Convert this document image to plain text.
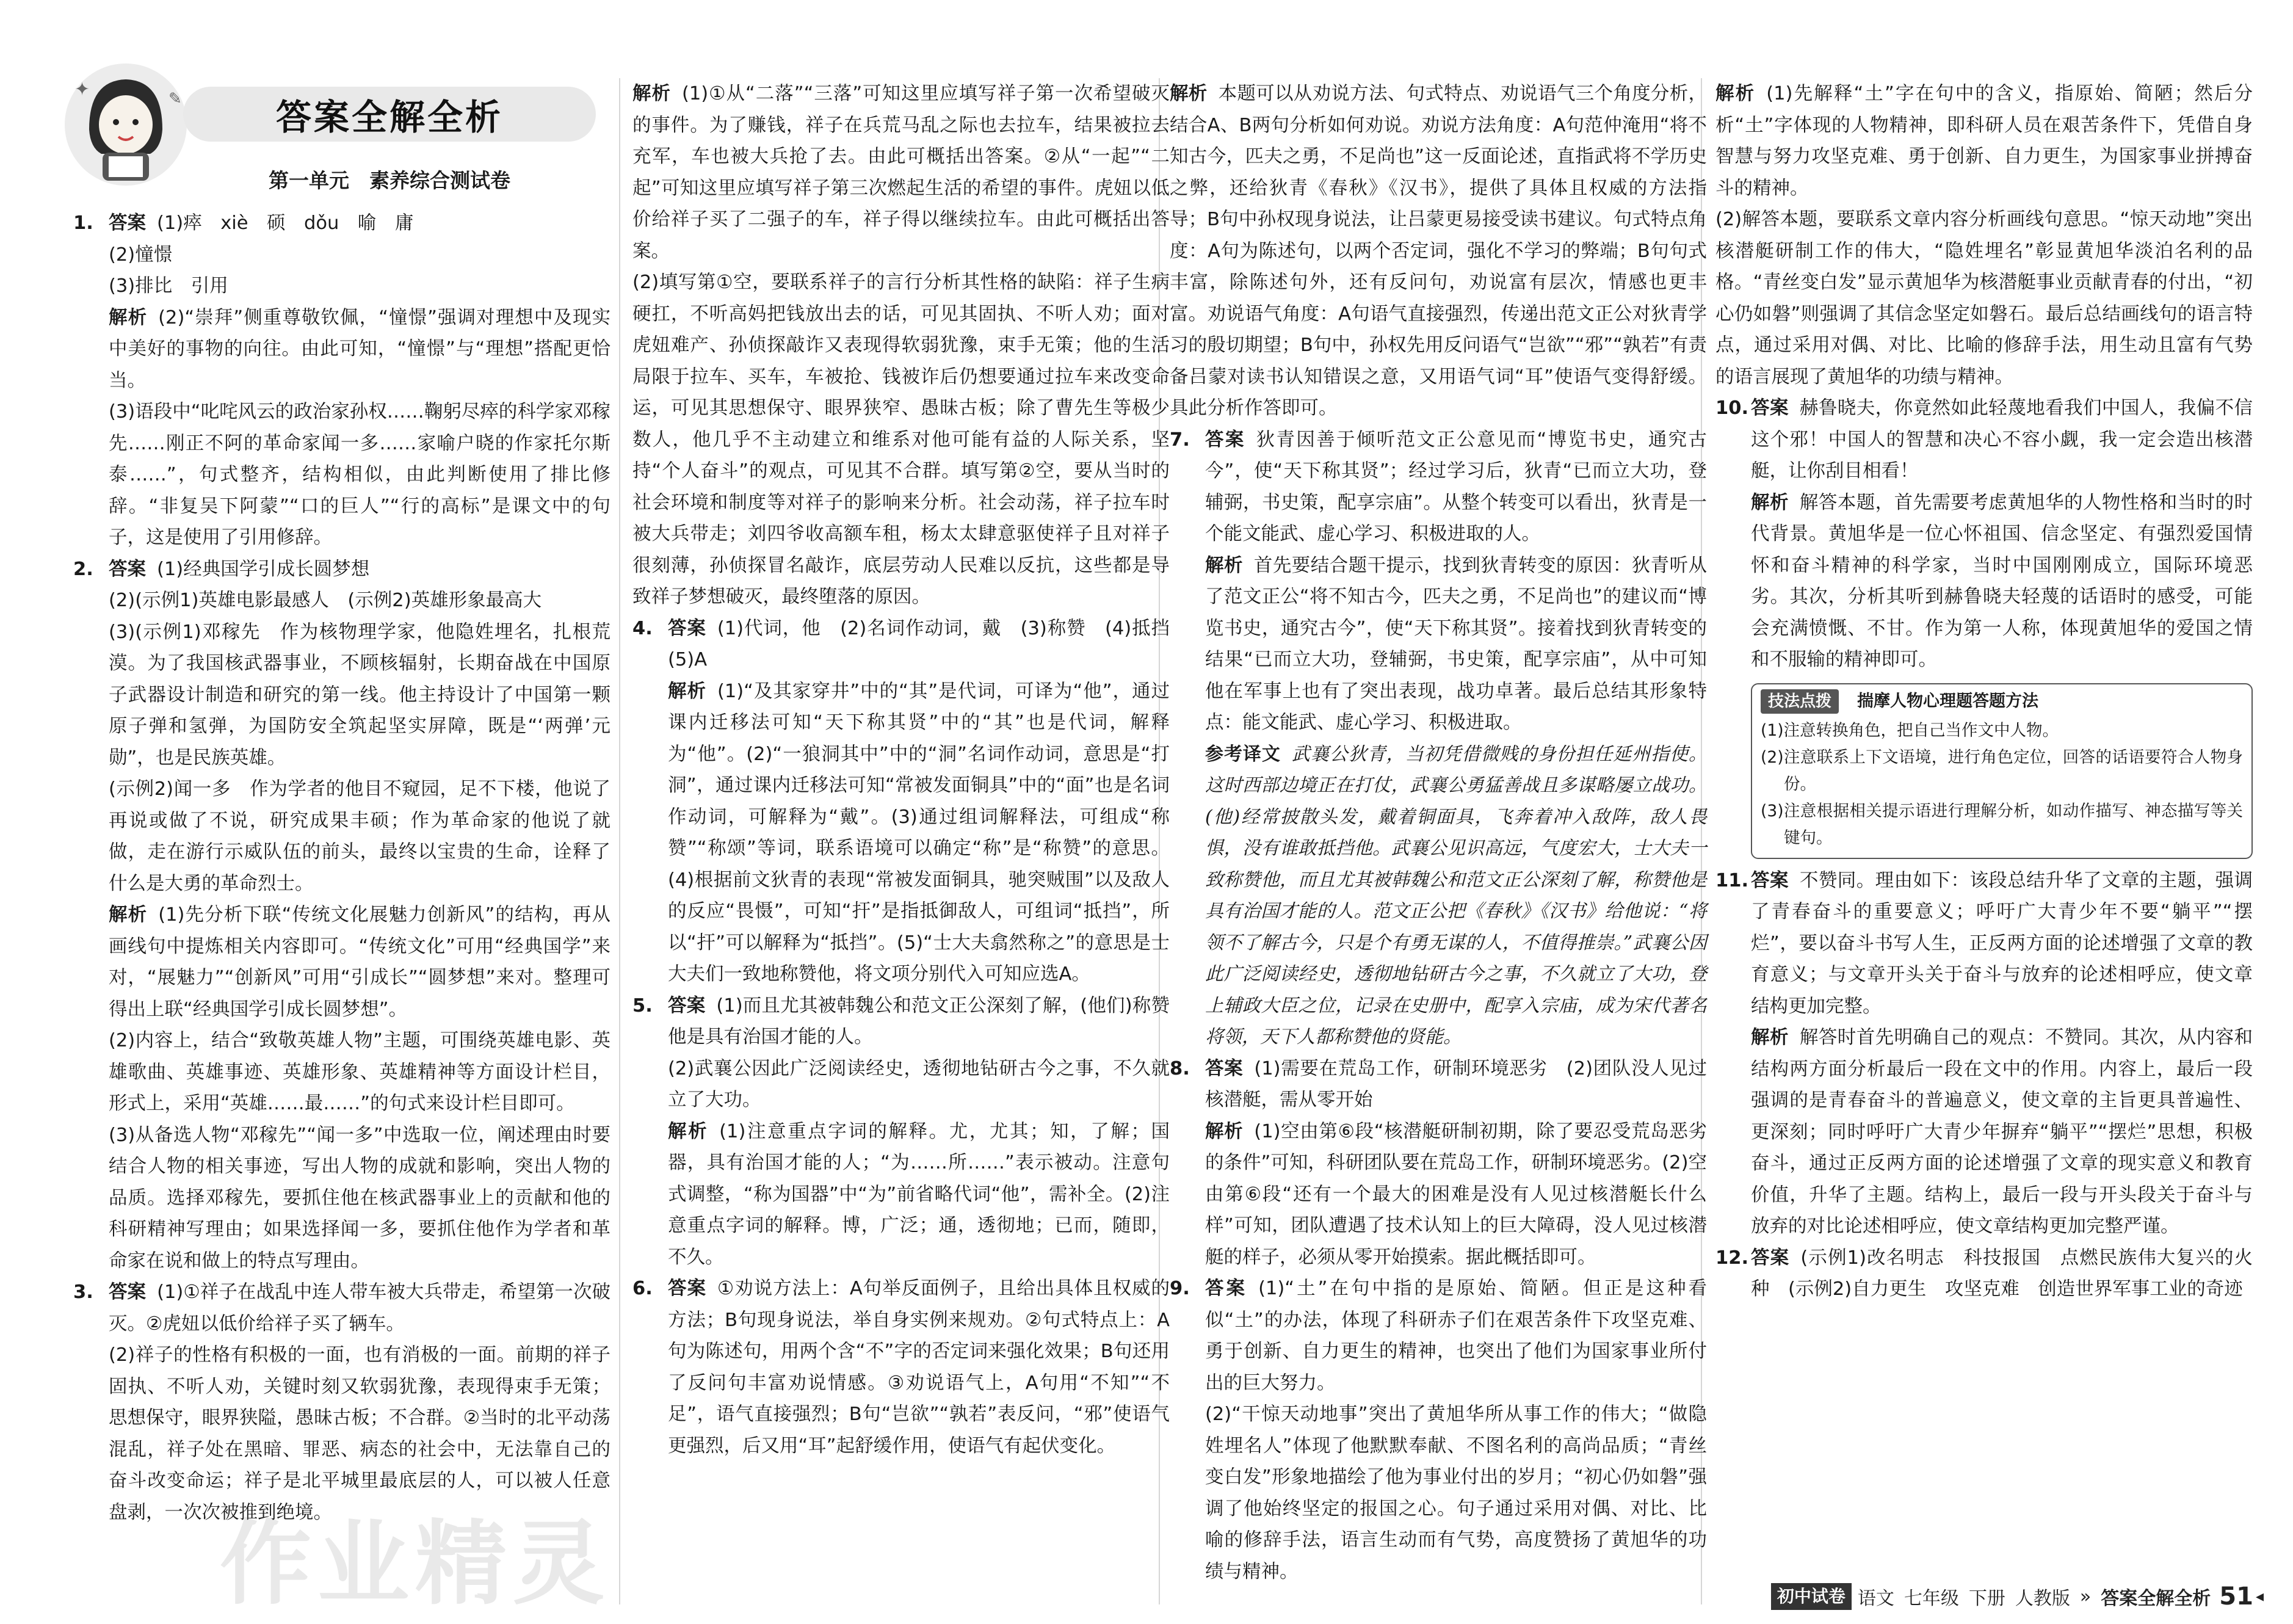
✦	✎	答案全解全析
第一单元　素养综合测试卷
1. 答案 (1)瘁　xiè　硕　dǒu　喻　庸

(2)憧憬

(3)排比　引用

解析 (2)“崇拜”侧重尊敬钦佩，“憧憬”强调对理想中及现实中美好的事物的向往。由此可知，“憧憬”与“理想”搭配更恰当。

(3)语段中“叱咤风云的政治家孙权……鞠躬尽瘁的科学家邓稼先……刚正不阿的革命家闻一多……家喻户晓的作家托尔斯泰……”，句式整齐，结构相似，由此判断使用了排比修辞。“非复吴下阿蒙”“口的巨人”“行的高标”是课文中的句子，这是使用了引用修辞。

2. 答案 (1)经典国学引成长圆梦想

(2)(示例1)英雄电影最感人　(示例2)英雄形象最高大

(3)(示例1)邓稼先　作为核物理学家，他隐姓埋名，扎根荒漠。为了我国核武器事业，不顾核辐射，长期奋战在中国原子武器设计制造和研究的第一线。他主持设计了中国第一颗原子弹和氢弹，为国防安全筑起坚实屏障，既是“‘两弹’元勋”，也是民族英雄。

(示例2)闻一多　作为学者的他目不窥园，足不下楼，他说了再说或做了不说，研究成果丰硕；作为革命家的他说了就做，走在游行示威队伍的前头，最终以宝贵的生命，诠释了什么是大勇的革命烈士。

解析 (1)先分析下联“传统文化展魅力创新风”的结构，再从画线句中提炼相关内容即可。“传统文化”可用“经典国学”来对，“展魅力”“创新风”可用“引成长”“圆梦想”来对。整理可得出上联“经典国学引成长圆梦想”。

(2)内容上，结合“致敬英雄人物”主题，可围绕英雄电影、英雄歌曲、英雄事迹、英雄形象、英雄精神等方面设计栏目，形式上，采用“英雄……最……”的句式来设计栏目即可。

(3)从备选人物“邓稼先”“闻一多”中选取一位，阐述理由时要结合人物的相关事迹，写出人物的成就和影响，突出人物的品质。选择邓稼先，要抓住他在核武器事业上的贡献和他的科研精神写理由；如果选择闻一多，要抓住他作为学者和革命家在说和做上的特点写理由。

3. 答案 (1)①祥子在战乱中连人带车被大兵带走，希望第一次破灭。②虎妞以低价给祥子买了辆车。

(2)祥子的性格有积极的一面，也有消极的一面。前期的祥子固执、不听人劝，关键时刻又软弱犹豫，表现得束手无策；思想保守，眼界狭隘，愚昧古板；不合群。②当时的北平动荡混乱，祥子处在黑暗、罪恶、病态的社会中，无法靠自己的奋斗改变命运；祥子是北平城里最底层的人，可以被人任意盘剥，一次次被推到绝境。

解析 (1)①从“二落”“三落”可知这里应填写祥子第一次希望破灭的事件。为了赚钱，祥子在兵荒马乱之际也去拉车，结果被拉去充军，车也被大兵抢了去。由此可概括出答案。②从“一起”“二起”可知这里应填写祥子第三次燃起生活的希望的事件。虎妞以低价给祥子买了二强子的车，祥子得以继续拉车。由此可概括出答案。

(2)填写第①空，要联系祥子的言行分析其性格的缺陷：祥子生病硬扛，不听高妈把钱放出去的话，可见其固执、不听人劝；面对虎妞难产、孙侦探敲诈又表现得软弱犹豫，束手无策；他的生活局限于拉车、买车，车被抢、钱被诈后仍想要通过拉车来改变命运，可见其思想保守、眼界狭窄、愚昧古板；除了曹先生等极少数人，他几乎不主动建立和维系对他可能有益的人际关系，坚持“个人奋斗”的观点，可见其不合群。填写第②空，要从当时的社会环境和制度等对祥子的影响来分析。社会动荡，祥子拉车时被大兵带走；刘四爷收高额车租，杨太太肆意驱使祥子且对祥子很刻薄，孙侦探冒名敲诈，底层劳动人民难以反抗，这些都是导致祥子梦想破灭，最终堕落的原因。

4. 答案 (1)代词，他　(2)名词作动词，戴　(3)称赞　(4)抵挡　(5)A

解析 (1)“及其家穿井”中的“其”是代词，可译为“他”，通过课内迁移法可知“天下称其贤”中的“其”也是代词，解释为“他”。(2)“一狼洞其中”中的“洞”名词作动词，意思是“打洞”，通过课内迁移法可知“常被发面铜具”中的“面”也是名词作动词，可解释为“戴”。(3)通过组词解释法，可组成“称赞”“称颂”等词，联系语境可以确定“称”是“称赞”的意思。(4)根据前文狄青的表现“常被发面铜具，驰突贼围”以及敌人的反应“畏慑”，可知“扞”是指抵御敌人，可组词“抵挡”，所以“扞”可以解释为“抵挡”。(5)“士大夫翕然称之”的意思是士大夫们一致地称赞他，将文项分别代入可知应选A。

5. 答案 (1)而且尤其被韩魏公和范文正公深刻了解，(他们)称赞他是具有治国才能的人。

(2)武襄公因此广泛阅读经史，透彻地钻研古今之事，不久就立了大功。

解析 (1)注意重点字词的解释。尤，尤其；知，了解；国器，具有治国才能的人；“为……所……”表示被动。注意句式调整，“称为国器”中“为”前省略代词“他”，需补全。(2)注意重点字词的解释。博，广泛；通，透彻地；已而，随即，不久。

6. 答案 ①劝说方法上：A句举反面例子，且给出具体且权威的方法；B句现身说法，举自身实例来规劝。②句式特点上：A句为陈述句，用两个含“不”字的否定词来强化效果；B句还用了反问句丰富劝说情感。③劝说语气上，A句用“不知”“不足”，语气直接强烈；B句“岂欲”“孰若”表反问，“邪”使语气更强烈，后又用“耳”起舒缓作用，使语气有起伏变化。

解析 本题可以从劝说方法、句式特点、劝说语气三个角度分析，结合A、B两句分析如何劝说。劝说方法角度：A句范仲淹用“将不知古今，匹夫之勇，不足尚也”这一反面论述，直指武将不学历史之弊，还给狄青《春秋》《汉书》，提供了具体且权威的方法指导；B句中孙权现身说法，让吕蒙更易接受读书建议。句式特点角度：A句为陈述句，以两个否定词，强化不学习的弊端；B句句式丰富，除陈述句外，还有反问句，劝说富有层次，情感也更丰富。劝说语气角度：A句语气直接强烈，传递出范文正公对狄青学习的殷切期望；B句中，孙权先用反问语气“岂欲”“邪”“孰若”有责备吕蒙对读书认知错误之意，又用语气词“耳”使语气变得舒缓。具此分析作答即可。

7. 答案 狄青因善于倾听范文正公意见而“博览书史，通究古今”，使“天下称其贤”；经过学习后，狄青“已而立大功，登辅弼，书史策，配享宗庙”。从整个转变可以看出，狄青是一个能文能武、虚心学习、积极进取的人。

解析 首先要结合题干提示，找到狄青转变的原因：狄青听从了范文正公“将不知古今，匹夫之勇，不足尚也”的建议而“博览书史，通究古今”，使“天下称其贤”。接着找到狄青转变的结果“已而立大功，登辅弼，书史策，配享宗庙”，从中可知他在军事上也有了突出表现，战功卓著。最后总结其形象特点：能文能武、虚心学习、积极进取。

参考译文 武襄公狄青，当初凭借微贱的身份担任延州指使。这时西部边境正在打仗，武襄公勇猛善战且多谋略屡立战功。(他)经常披散头发，戴着铜面具，飞奔着冲入敌阵，敌人畏惧，没有谁敢抵挡他。武襄公见识高远，气度宏大，士大夫一致称赞他，而且尤其被韩魏公和范文正公深刻了解，称赞他是具有治国才能的人。范文正公把《春秋》《汉书》给他说：“将领不了解古今，只是个有勇无谋的人，不值得推崇。”武襄公因此广泛阅读经史，透彻地钻研古今之事，不久就立了大功，登上辅政大臣之位，记录在史册中，配享入宗庙，成为宋代著名将领，天下人都称赞他的贤能。

8. 答案 (1)需要在荒岛工作，研制环境恶劣　(2)团队没人见过核潜艇，需从零开始

解析 (1)空由第⑥段“核潜艇研制初期，除了要忍受荒岛恶劣的条件”可知，科研团队要在荒岛工作，研制环境恶劣。(2)空由第⑥段“还有一个最大的困难是没有人见过核潜艇长什么样”可知，团队遭遇了技术认知上的巨大障碍，没人见过核潜艇的样子，必须从零开始摸索。据此概括即可。

9. 答案 (1)“土”在句中指的是原始、简陋。但正是这种看似“土”的办法，体现了科研赤子们在艰苦条件下攻坚克难、勇于创新、自力更生的精神，也突出了他们为国家事业所付出的巨大努力。

(2)“干惊天动地事”突出了黄旭华所从事工作的伟大；“做隐姓埋名人”体现了他默默奉献、不图名利的高尚品质；“青丝变白发”形象地描绘了他为事业付出的岁月；“初心仍如磐”强调了他始终坚定的报国之心。句子通过采用对偶、对比、比喻的修辞手法，语言生动而有气势，高度赞扬了黄旭华的功绩与精神。

解析 (1)先解释“土”字在句中的含义，指原始、简陋；然后分析“土”字体现的人物精神，即科研人员在艰苦条件下，凭借自身智慧与努力攻坚克难、勇于创新、自力更生，为国家事业拼搏奋斗的精神。

(2)解答本题，要联系文章内容分析画线句意思。“惊天动地”突出核潜艇研制工作的伟大，“隐姓埋名”彰显黄旭华淡泊名利的品格。“青丝变白发”显示黄旭华为核潜艇事业贡献青春的付出，“初心仍如磐”则强调了其信念坚定如磐石。最后总结画线句的语言特点，通过采用对偶、对比、比喻的修辞手法，用生动且富有气势的语言展现了黄旭华的功绩与精神。

10. 答案 赫鲁晓夫，你竟然如此轻蔑地看我们中国人，我偏不信这个邪！中国人的智慧和决心不容小觑，我一定会造出核潜艇，让你刮目相看！

解析 解答本题，首先需要考虑黄旭华的人物性格和当时的时代背景。黄旭华是一位心怀祖国、信念坚定、有强烈爱国情怀和奋斗精神的科学家，当时中国刚刚成立，国际环境恶劣。其次，分析其听到赫鲁晓夫轻蔑的话语时的感受，可能会充满愤慨、不甘。作为第一人称，体现黄旭华的爱国之情和不服输的精神即可。

技法点拨	揣摩人物心理题答题方法
(1)注意转换角色，把自己当作文中人物。
(2)注意联系上下文语境，进行角色定位，回答的话语要符合人物身份。
(3)注意根据相关提示语进行理解分析，如动作描写、神态描写等关键句。
11. 答案 不赞同。理由如下：该段总结升华了文章的主题，强调了青春奋斗的重要意义；呼吁广大青少年不要“躺平”“摆烂”，要以奋斗书写人生，正反两方面的论述增强了文章的教育意义；与文章开头关于奋斗与放弃的论述相呼应，使文章结构更加完整。

解析 解答时首先明确自己的观点：不赞同。其次，从内容和结构两方面分析最后一段在文中的作用。内容上，最后一段强调的是青春奋斗的普遍意义，使文章的主旨更具普遍性、更深刻；同时呼吁广大青少年摒弃“躺平”“摆烂”思想，积极奋斗，通过正反两方面的论述增强了文章的现实意义和教育价值，升华了主题。结构上，最后一段与开头段关于奋斗与放弃的对比论述相呼应，使文章结构更加完整严谨。

12. 答案 (示例1)改名明志　科技报国　点燃民族伟大复兴的火种　(示例2)自力更生　攻坚克难　创造世界军事工业的奇迹

作业精灵	初中试卷 语文 七年级 下册 人教版 » 答案全解全析 51 ◂
